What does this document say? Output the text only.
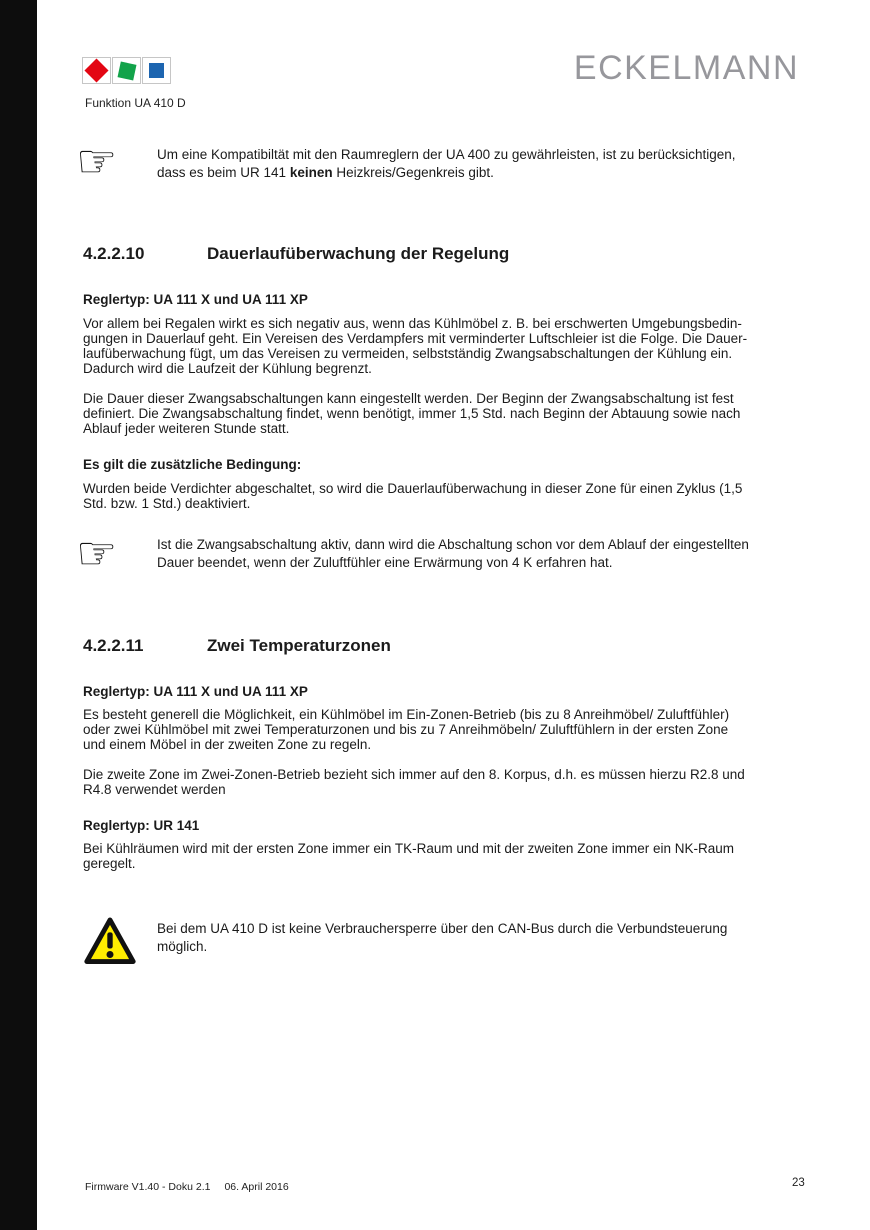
Funktion UA 410 D
ECKELMANN
☞	Um eine Kompatibiltät mit den Raumreglern der UA 400 zu gewährleisten, ist zu berücksichtigen,
dass es beim UR 141 keinen Heizkreis/Gegenkreis gibt.
4.2.2.10	Dauerlaufüberwachung der Regelung
Reglertyp: UA 111 X und UA 111 XP
Vor allem bei Regalen wirkt es sich negativ aus, wenn das Kühlmöbel z. B. bei erschwerten Umgebungsbedin-
gungen in Dauerlauf geht. Ein Vereisen des Verdampfers mit verminderter Luftschleier ist die Folge. Die Dauer-
laufüberwachung fügt, um das Vereisen zu vermeiden, selbstständig Zwangsabschaltungen der Kühlung ein.
Dadurch wird die Laufzeit der Kühlung begrenzt.
Die Dauer dieser Zwangsabschaltungen kann eingestellt werden. Der Beginn der Zwangsabschaltung ist fest
definiert. Die Zwangsabschaltung findet, wenn benötigt, immer 1,5 Std. nach Beginn der Abtauung sowie nach
Ablauf jeder weiteren Stunde statt.
Es gilt die zusätzliche Bedingung:
Wurden beide Verdichter abgeschaltet, so wird die Dauerlaufüberwachung in dieser Zone für einen Zyklus (1,5
Std. bzw. 1 Std.) deaktiviert.
☞	Ist die Zwangsabschaltung aktiv, dann wird die Abschaltung schon vor dem Ablauf der eingestellten
Dauer beendet, wenn der Zuluftfühler eine Erwärmung von 4 K erfahren hat.
4.2.2.11	Zwei Temperaturzonen
Reglertyp: UA 111 X und UA 111 XP
Es besteht generell die Möglichkeit, ein Kühlmöbel im Ein-Zonen-Betrieb (bis zu 8 Anreihmöbel/ Zuluftfühler)
oder zwei Kühlmöbel mit zwei Temperaturzonen und bis zu 7 Anreihmöbeln/ Zuluftfühlern in der ersten Zone
und einem Möbel in der zweiten Zone zu regeln.
Die zweite Zone im Zwei-Zonen-Betrieb bezieht sich immer auf den 8. Korpus, d.h. es müssen hierzu R2.8 und
R4.8 verwendet werden
Reglertyp: UR 141
Bei Kühlräumen wird mit der ersten Zone immer ein TK-Raum und mit der zweiten Zone immer ein NK-Raum
geregelt.
Bei dem UA 410 D ist keine Verbrauchersperre über den CAN-Bus durch die Verbundsteuerung
möglich.
Firmware V1.40 - Doku 2.1 06. April 2016	23
